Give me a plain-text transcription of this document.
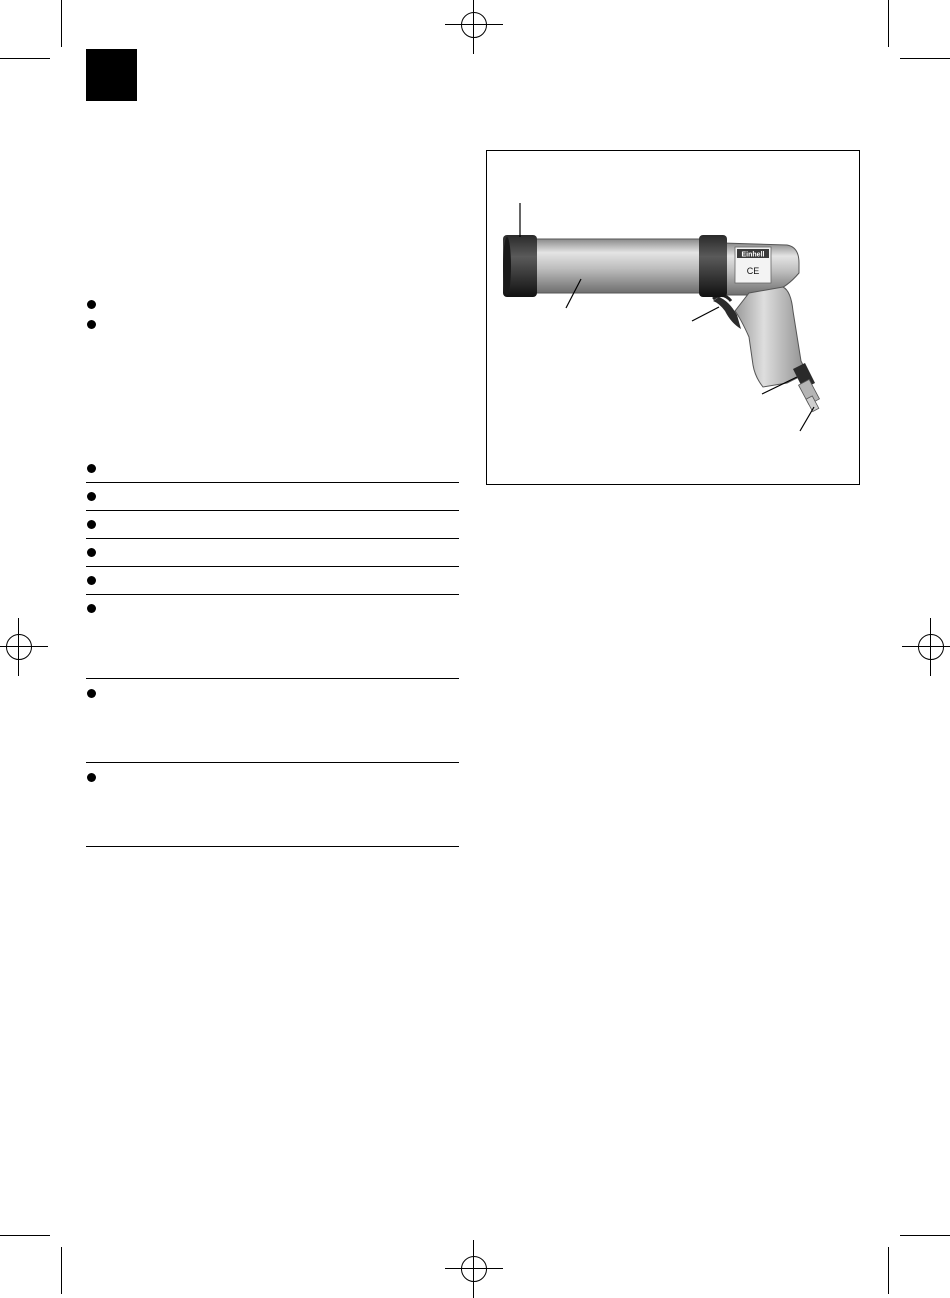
Einhell
CE
